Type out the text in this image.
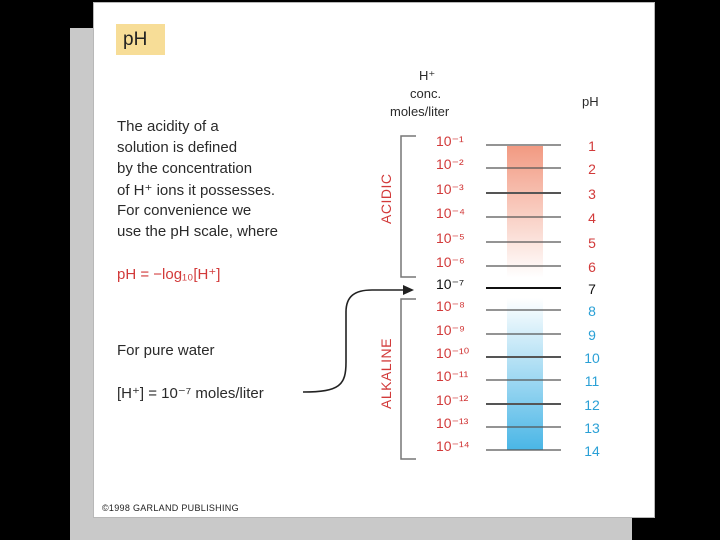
pH
The acidity of a
solution is defined
by the concentration
of H⁺ ions it possesses.
For convenience we
use the pH scale, where
pH = −log₁₀[H⁺]
For pure water
[H⁺] = 10⁻⁷ moles/liter
H⁺
conc.
moles/liter
pH
©1998 GARLAND PUBLISHING
ACIDIC
ALKALINE
10⁻¹	1
10⁻²	2
10⁻³	3
10⁻⁴	4
10⁻⁵	5
10⁻⁶	6
10⁻⁷	7
10⁻⁸	8
10⁻⁹	9
10⁻¹⁰	10
10⁻¹¹	11
10⁻¹²	12
10⁻¹³	13
10⁻¹⁴	14
